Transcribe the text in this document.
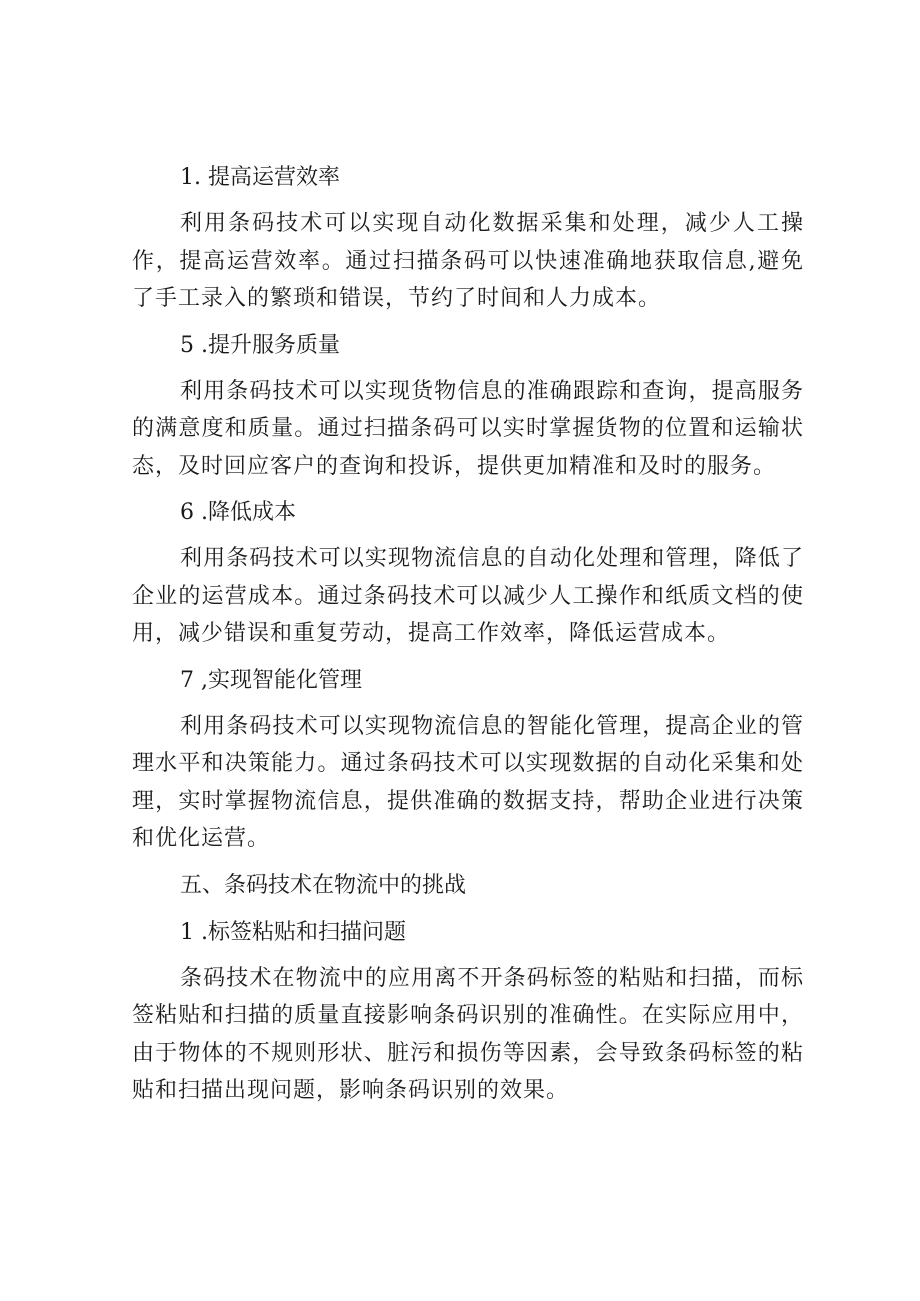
1. 提高运营效率

利用条码技术可以实现自动化数据采集和处理，减少人工操作，提高运营效率。通过扫描条码可以快速准确地获取信息,避免了手工录入的繁琐和错误，节约了时间和人力成本。

5 .提升服务质量

利用条码技术可以实现货物信息的准确跟踪和查询，提高服务的满意度和质量。通过扫描条码可以实时掌握货物的位置和运输状态，及时回应客户的查询和投诉，提供更加精准和及时的服务。

6 .降低成本

利用条码技术可以实现物流信息的自动化处理和管理，降低了企业的运营成本。通过条码技术可以减少人工操作和纸质文档的使用，减少错误和重复劳动，提高工作效率，降低运营成本。

7 ,实现智能化管理

利用条码技术可以实现物流信息的智能化管理，提高企业的管理水平和决策能力。通过条码技术可以实现数据的自动化采集和处理，实时掌握物流信息，提供准确的数据支持，帮助企业进行决策和优化运营。

五、条码技术在物流中的挑战
1 .标签粘贴和扫描问题

条码技术在物流中的应用离不开条码标签的粘贴和扫描，而标签粘贴和扫描的质量直接影响条码识别的准确性。在实际应用中，由于物体的不规则形状、脏污和损伤等因素，会导致条码标签的粘贴和扫描出现问题，影响条码识别的效果。
